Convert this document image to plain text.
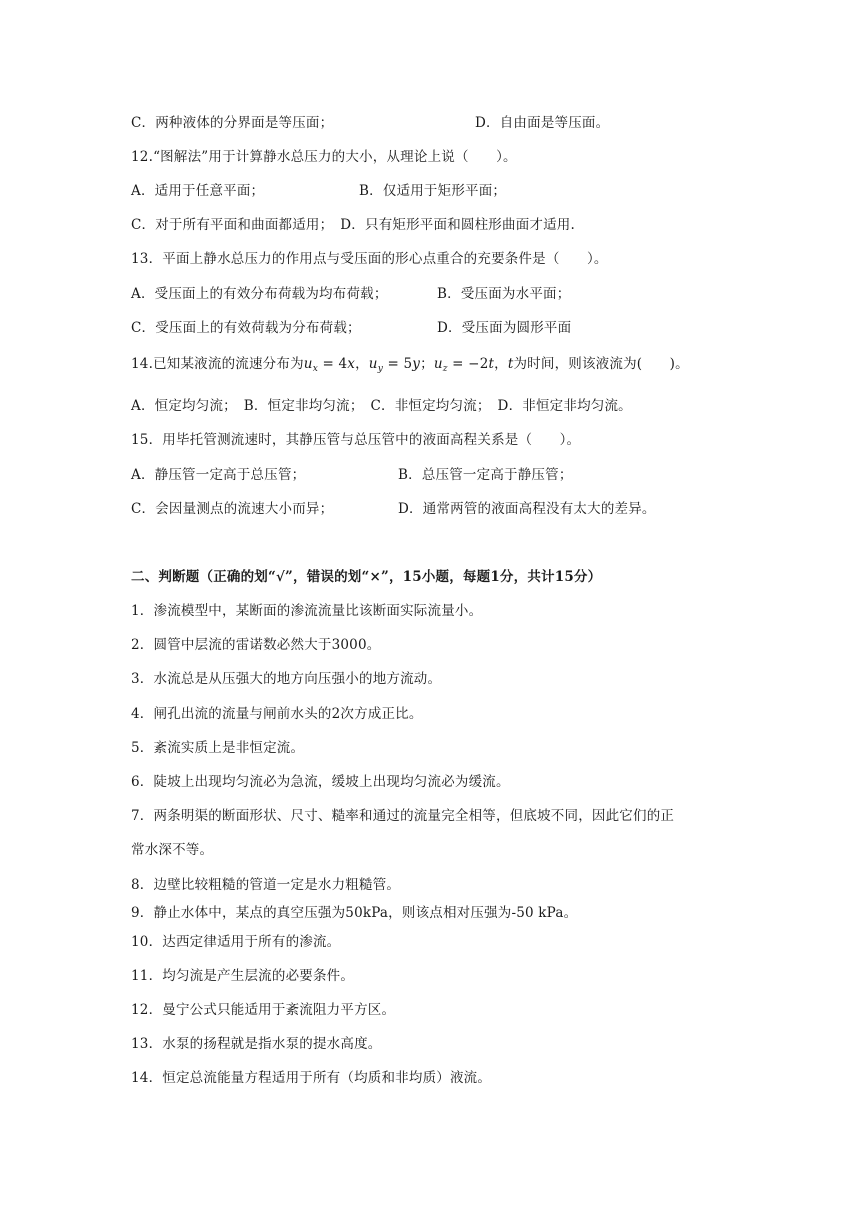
C．两种液体的分界面是等压面；	D．自由面是等压面。
12.“图解法”用于计算静水总压力的大小，从理论上说（　　）。
A．适用于任意平面；	B．仅适用于矩形平面；
C．对于所有平面和曲面都适用；　D．只有矩形平面和圆柱形曲面才适用.
13．平面上静水总压力的作用点与受压面的形心点重合的充要条件是（　　）。
A．受压面上的有效分布荷载为均布荷载；	B．受压面为水平面；
C．受压面上的有效荷载为分布荷载；	D．受压面为圆形平面
14.已知某液流的流速分布为$u_x = 4x$，$u_y = 5y$；$u_z = -2t$，t为时间，则该液流为(　　)。
A．恒定均匀流；　B．恒定非均匀流；　C．非恒定均匀流；　D．非恒定非均匀流。
15．用毕托管测流速时，其静压管与总压管中的液面高程关系是（　　）。
A．静压管一定高于总压管；	B．总压管一定高于静压管；
C．会因量测点的流速大小而异；	D．通常两管的液面高程没有太大的差异。
二、判断题（正确的划“√”，错误的划“×”，15小题，每题1分，共计15分）
1．渗流模型中，某断面的渗流流量比该断面实际流量小。
2．圆管中层流的雷诺数必然大于3000。
3．水流总是从压强大的地方向压强小的地方流动。
4．闸孔出流的流量与闸前水头的2次方成正比。
5．紊流实质上是非恒定流。
6．陡坡上出现均匀流必为急流，缓坡上出现均匀流必为缓流。
7．两条明渠的断面形状、尺寸、糙率和通过的流量完全相等，但底坡不同，因此它们的正
常水深不等。
8．边壁比较粗糙的管道一定是水力粗糙管。
9．静止水体中，某点的真空压强为50kPa，则该点相对压强为-50 kPa。
10．达西定律适用于所有的渗流。
11．均匀流是产生层流的必要条件。
12．曼宁公式只能适用于紊流阻力平方区。
13．水泵的扬程就是指水泵的提水高度。
14．恒定总流能量方程适用于所有（均质和非均质）液流。
